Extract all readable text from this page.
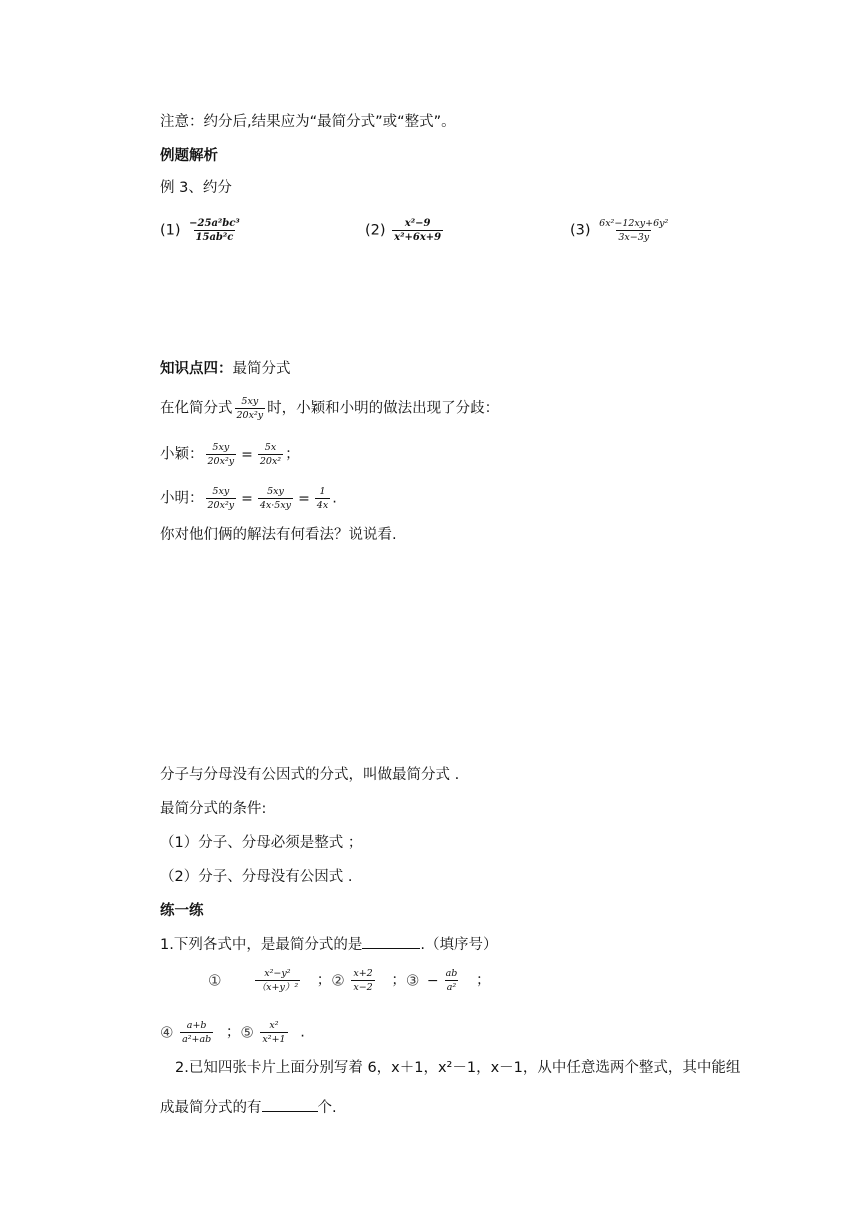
注意：约分后,结果应为“最简分式”或“整式”。
例题解析
例 3、约分
$(1) \frac{\text{−25a²bc³}}{\text{15ab²c}}$	$(2) \frac{\text{x²−9}}{\text{x²+6x+9}}$	$(3) \frac{\text{6x²−12xy+6y²}}{3x-3y}$
知识点四：最简分式
在化简分式 $\frac{5xy}{\text{20x²y}}$ 时，小颖和小明的做法出现了分歧：
小颖： $\frac{5xy}{\text{20x²y}} = \frac{5x}{\text{20x²}}$ ；
小明： $\frac{5xy}{\text{20x²y}} = \frac{5xy}{4x\cdot 5xy} = \frac{1}{4x}$ .
你对他们俩的解法有何看法？说说看.
分子与分母没有公因式的分式，叫做最简分式 .
最简分式的条件:
（1）分子、分母必须是整式 ；
（2）分子、分母没有公因式 .
练一练
1.下列各式中，是最简分式的是	.（填序号）
①	$\frac{\text{x²−y²}}{\text{（x+y）²}}$ ；② $\frac{x+2}{x-2}$ ；③ − $\frac{ab}{\text{a²}}$ ；
④ $\frac{a+b}{\text{a²+ab}}$ ；⑤ $\frac{\text{x²}}{\text{x²+1}}$ .
2.已知四张卡片上面分别写着 6，x＋1，x²－1，x－1，从中任意选两个整式，其中能组
成最简分式的有	个.
